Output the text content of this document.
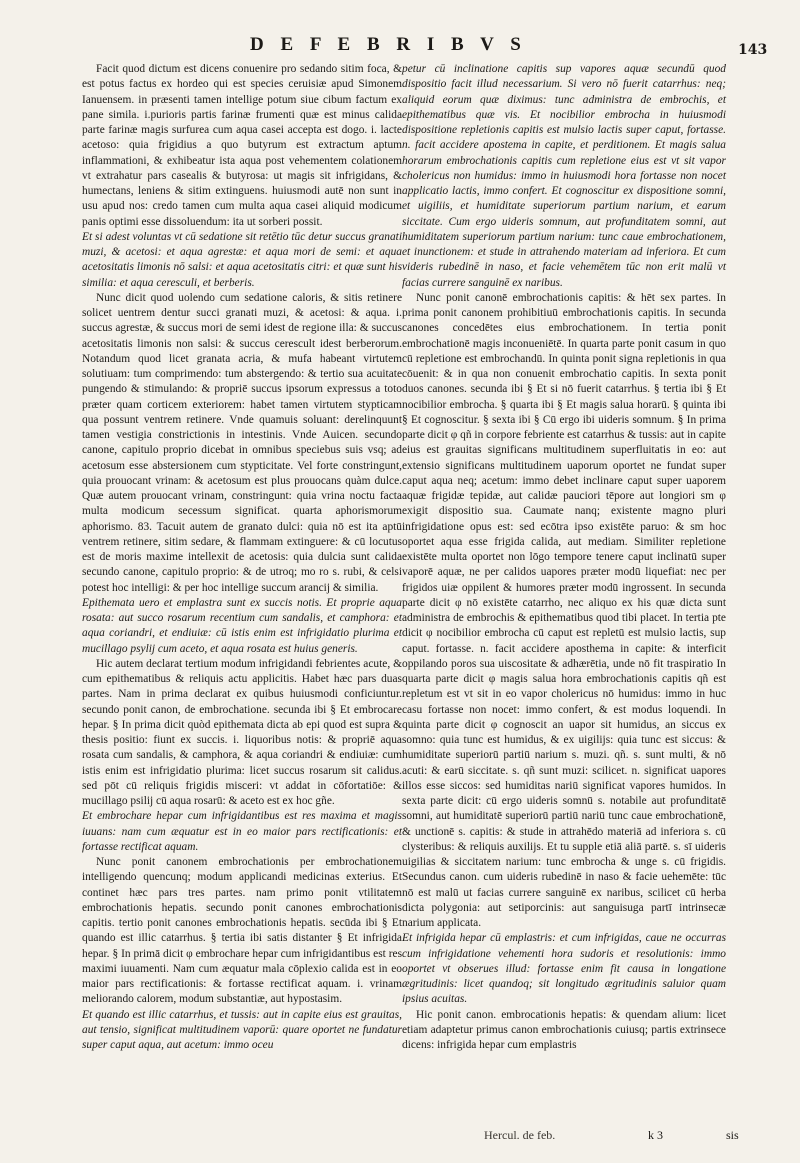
D E F E B R I B V S	143

Facit quod dictum est dicens conuenire pro sedando sitim foca, & est potus factus ex hordeo qui est species ceruisiæ apud Simonem Ianuensem. in præsenti tamen intellige potum siue cibum factum ex pane simila. i.purioris partis farinæ frumenti quæ est minus calida parte farinæ magis surfurea cum aqua casei accepta est dogo. i. lacte acetoso: quia frigidius a quo butyrum est extractum aptum inflammationi, & exhibeatur ista aqua post vehementem colationem vt extrahatur pars casealis & butyrosa: ut magis sit infrigidans, & humectans, leniens & sitim extinguens. huiusmodi autē non sunt in usu apud nos: credo tamen cum multa aqua casei aliquid modicum panis optimi esse dissoluendum: ita ut sorberi possit.

Et si adest voluntas vt cū sedatione sit retētio tūc detur succus granati muzi, & acetosi: et aqua agrestæ: et aqua mori de semi: et aqua acetositatis limonis nō salsi: et aqua acetositatis citri: et quæ sunt his similia: et aqua ceresculi, et berberis.

Nunc dicit quod uolendo cum sedatione caloris, & sitis retinere solicet uentrem dentur succi granati muzi, & acetosi: & aqua. i. succus agrestæ, & succus mori de semi idest de regione illa: & succus acetositatis limonis non salsi: & succus cerescult idest berberorum. Notandum quod licet granata acria, & mufa habeant virtutem solutiuam: tum comprimendo: tum abstergendo: & tertio sua acuitate pungendo & stimulando: & propriē succus ipsorum expressus a toto præter quam corticem exteriorem: habet tamen virtutem stypticam qua possunt ventrem retinere. Vnde quamuis soluant: derelinquunt tamen vestigia constrictionis in intestinis. Vnde Auicen. secundo canone, capitulo proprio dicebat in omnibus speciebus suis vsq; ad acetosum esse abstersionem cum stypticitate. Vel forte constringunt, quia prouocant vrinam: & acetosum est plus prouocans quàm dulce. Quæ autem prouocant vrinam, constringunt: quia vrina noctu facta multa modicum secessum significat. quarta aphorismorum aphorismo. 83. Tacuit autem de granato dulci: quia nō est ita aptū ventrem retinere, sitim sedare, & flammam extinguere: & cū locutus est de moris maxime intellexit de acetosis: quia dulcia sunt calida secundo canone, capitulo proprio: & de utroq; mo ro s. rubi, & celsi potest hoc intelligi: & per hoc intellige succum arancij & similia.

Epithemata uero et emplastra sunt ex succis notis. Et proprie aqua rosata: aut succo rosarum recentium cum sandalis, et camphora: et aqua coriandri, et endiuiæ: cū istis enim est infrigidatio plurima et mucillago psylij cum aceto, et aqua rosata est huius generis.

Hic autem declarat tertium modum infrigidandi febrientes acute, & cum epithematibus & reliquis actu applicitis. Habet hæc pars duas partes. Nam in prima declarat ex quibus huiusmodi conficiuntur. secundo ponit canon, de embrochatione. secunda ibi § Et embrocare hepar. § In prima dicit quòd epithemata dicta ab epi quod est supra & thesis positio: fiunt ex succis. i. liquoribus notis: & propriē aqua rosata cum sandalis, & camphora, & aqua coriandri & endiuiæ: cum istis enim est infrigidatio plurima: licet succus rosarum sit calidus. sed pōt cū reliquis frigidis misceri: vt addat in cōfortatiōe: & mucillago psilij cū aqua rosarū: & aceto est ex hoc gñe.

Et embrochare hepar cum infrigidantibus est res maxima et magis iuuans: nam cum æquatur est in eo maior pars rectificationis: et fortasse rectificat aquam.

Nunc ponit canonem embrochationis per embrochationem intelligendo quencunq; modum applicandi medicinas exterius. Et continet hæc pars tres partes. nam primo ponit vtilitatem embrochationis hepatis. secundo ponit canones embrochationis capitis. tertio ponit canones embrochationis hepatis. secūda ibi § Et quando est illic catarrhus. § tertia ibi satis distanter § Et infrigida hepar. § In primā dicit φ embrochare hepar cum infrigidantibus est res maximi iuuamenti. Nam cum æquatur mala cōplexio calida est in eo maior pars rectificationis: & fortasse rectificat aquam. i. vrinam meliorando calorem, modum substantiæ, aut hypostasim.

Et quando est illic catarrhus, et tussis: aut in capite eius est grauitas, aut tensio, significat multitudinem vaporū: quare oportet ne fundatur super caput aqua, aut acetum: immo oceu

petur cū inclinatione capitis sup vapores aquæ secundū quod dispositio facit illud necessarium. Si vero nō fuerit catarrhus: neq; aliquid eorum quæ diximus: tunc administra de embrochis, et epithematibus quæ vis. Et nocibilior embrocha in huiusmodi dispositione repletionis capitis est mulsio lactis super caput, fortasse. n. facit accidere apostema in capite, et perditionem. Et magis salua horarum embrochationis capitis cum repletione eius est vt sit vapor cholericus non humidus: immo in huiusmodi hora fortasse non nocet applicatio lactis, immo confert. Et cognoscitur ex dispositione somni, et uigiliis, et humiditate superiorum partium narium, et earum siccitate. Cum ergo uideris somnum, aut profunditatem somni, aut humiditatem superiorum partium narium: tunc caue embrochationem, et inunctionem: et stude in attrahendo materiam ad inferiora. Et cum videris rubedinē in naso, et facie vehemētem tūc non erit malū vt facias currere sanguinē ex naribus.

Nunc ponit canonē embrochationis capitis: & hēt sex partes. In prima ponit canonem prohibitiuū embrochationis capitis. In secunda canones concedētes eius embrochationem. In tertia ponit embrochationē magis inconueniētē. In quarta parte ponit casum in quo cū repletione est embrochandū. In quinta ponit signa repletionis in qua cōuenit: & in qua non conuenit embrochatio capitis. In sexta ponit duos canones. secunda ibi § Et si nō fuerit catarrhus. § tertia ibi § Et nocibilior embrocha. § quarta ibi § Et magis salua horarū. § quinta ibi § Et cognoscitur. § sexta ibi § Cū ergo ibi uideris somnum. § In prima parte dicit φ qñ in corpore febriente est catarrhus & tussis: aut in capite eius est grauitas significans multitudinem superfluitatis in eo: aut extensio significans multitudinem uaporum oportet ne fundat super caput aqua neq; acetum: immo debet inclinare caput super uaporem aquæ frigidæ tepidæ, aut calidæ pauciori tēpore aut longiori sm φ exigit dispositio sua. Caumate nanq; existente magno pluri infrigidatione opus est: sed ecōtra ipso existēte paruo: & sm hoc oportet aqua esse frigida calida, aut mediam. Similiter repletione existēte multa oportet non lōgo tempore tenere caput inclinatū super vaporē aquæ, ne per calidos uapores præter modū liquefiat: nec per frigidos uiæ oppilent & humores præter modū ingrossent. In secunda parte dicit φ nō existēte catarrho, nec aliquo ex his quæ dicta sunt administra de embrochis & epithematibus quod tibi placet. In tertia pte dicit φ nocibilior embrocha cū caput est repletū est mulsio lactis, sup caput. fortasse. n. facit accidere aposthema in capite: & interficit oppilando poros sua uiscositate & adhærētia, unde nō fit traspiratio In quarta parte dicit φ magis salua hora embrochationis capitis qñ est repletum est vt sit in eo vapor cholericus nō humidus: immo in huc casu fortasse non nocet: immo confert, & est modus loquendi. In quinta parte dicit φ cognoscit an uapor sit humidus, an siccus ex somno: quia tunc est humidus, & ex uigilijs: quia tunc est siccus: & humiditate superiorū partiū narium s. muzi. qñ. s. sunt multi, & nō acuti: & earū siccitate. s. qñ sunt muzi: scilicet. n. significat uapores illos esse siccos: sed humiditas nariū significat vapores humidos. In sexta parte dicit: cū ergo uideris somnū s. notabile aut profunditatē somni, aut humiditatē superiorū partiū nariū tunc caue embrochationē, & unctionē s. capitis: & stude in attrahēdo materiā ad inferiora s. cū clysteribus: & reliquis auxilijs. Et tu supple etiā aliā partē. s. sī uideris uigilias & siccitatem narium: tunc embrocha & unge s. cū frigidis. Secundus canon. cum uideris rubedinē in naso & facie uehemēte: tūc nō est malū ut facias currere sanguinē ex naribus, scilicet cū herba dicta polygonia: aut setiporcinis: aut sanguisuga partī intrinsecæ narium applicata.

Et infrigida hepar cū emplastris: et cum infrigidas, caue ne occurras cum infrigidatione vehementi hora sudoris et resolutionis: immo oportet vt obserues illud: fortasse enim fit causa in longatione ægritudinis: licet quandoq; sit longitudo ægritudinis saluior quam ipsius acuitas.

Hic ponit canon. embrocationis hepatis: & quendam alium: licet etiam adaptetur primus canon embrochationis cuiusq; partis extrinsece dicens: infrigida hepar cum emplastris

Hercul. de feb.	k 3	sis
